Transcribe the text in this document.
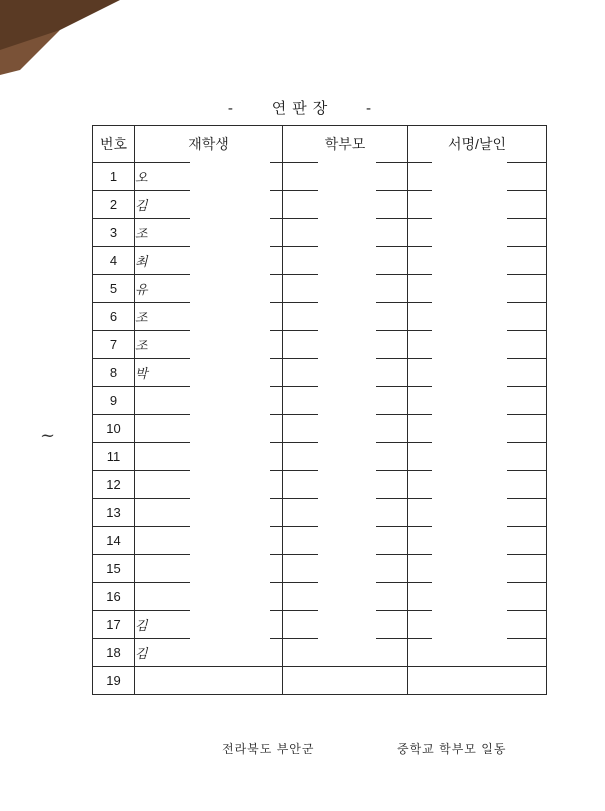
- 연판장 -
번호	재학생	학부모	서명/날인
1	오		
2	김		
3	조		
4	최		
5	유		
6	조		
7	조		
8	박		
9			
10			
11			
12			
13			
14			
15			
16			
17	김		
18	김		
19			
~
전라북도 부안군	중학교 학부모 일동
